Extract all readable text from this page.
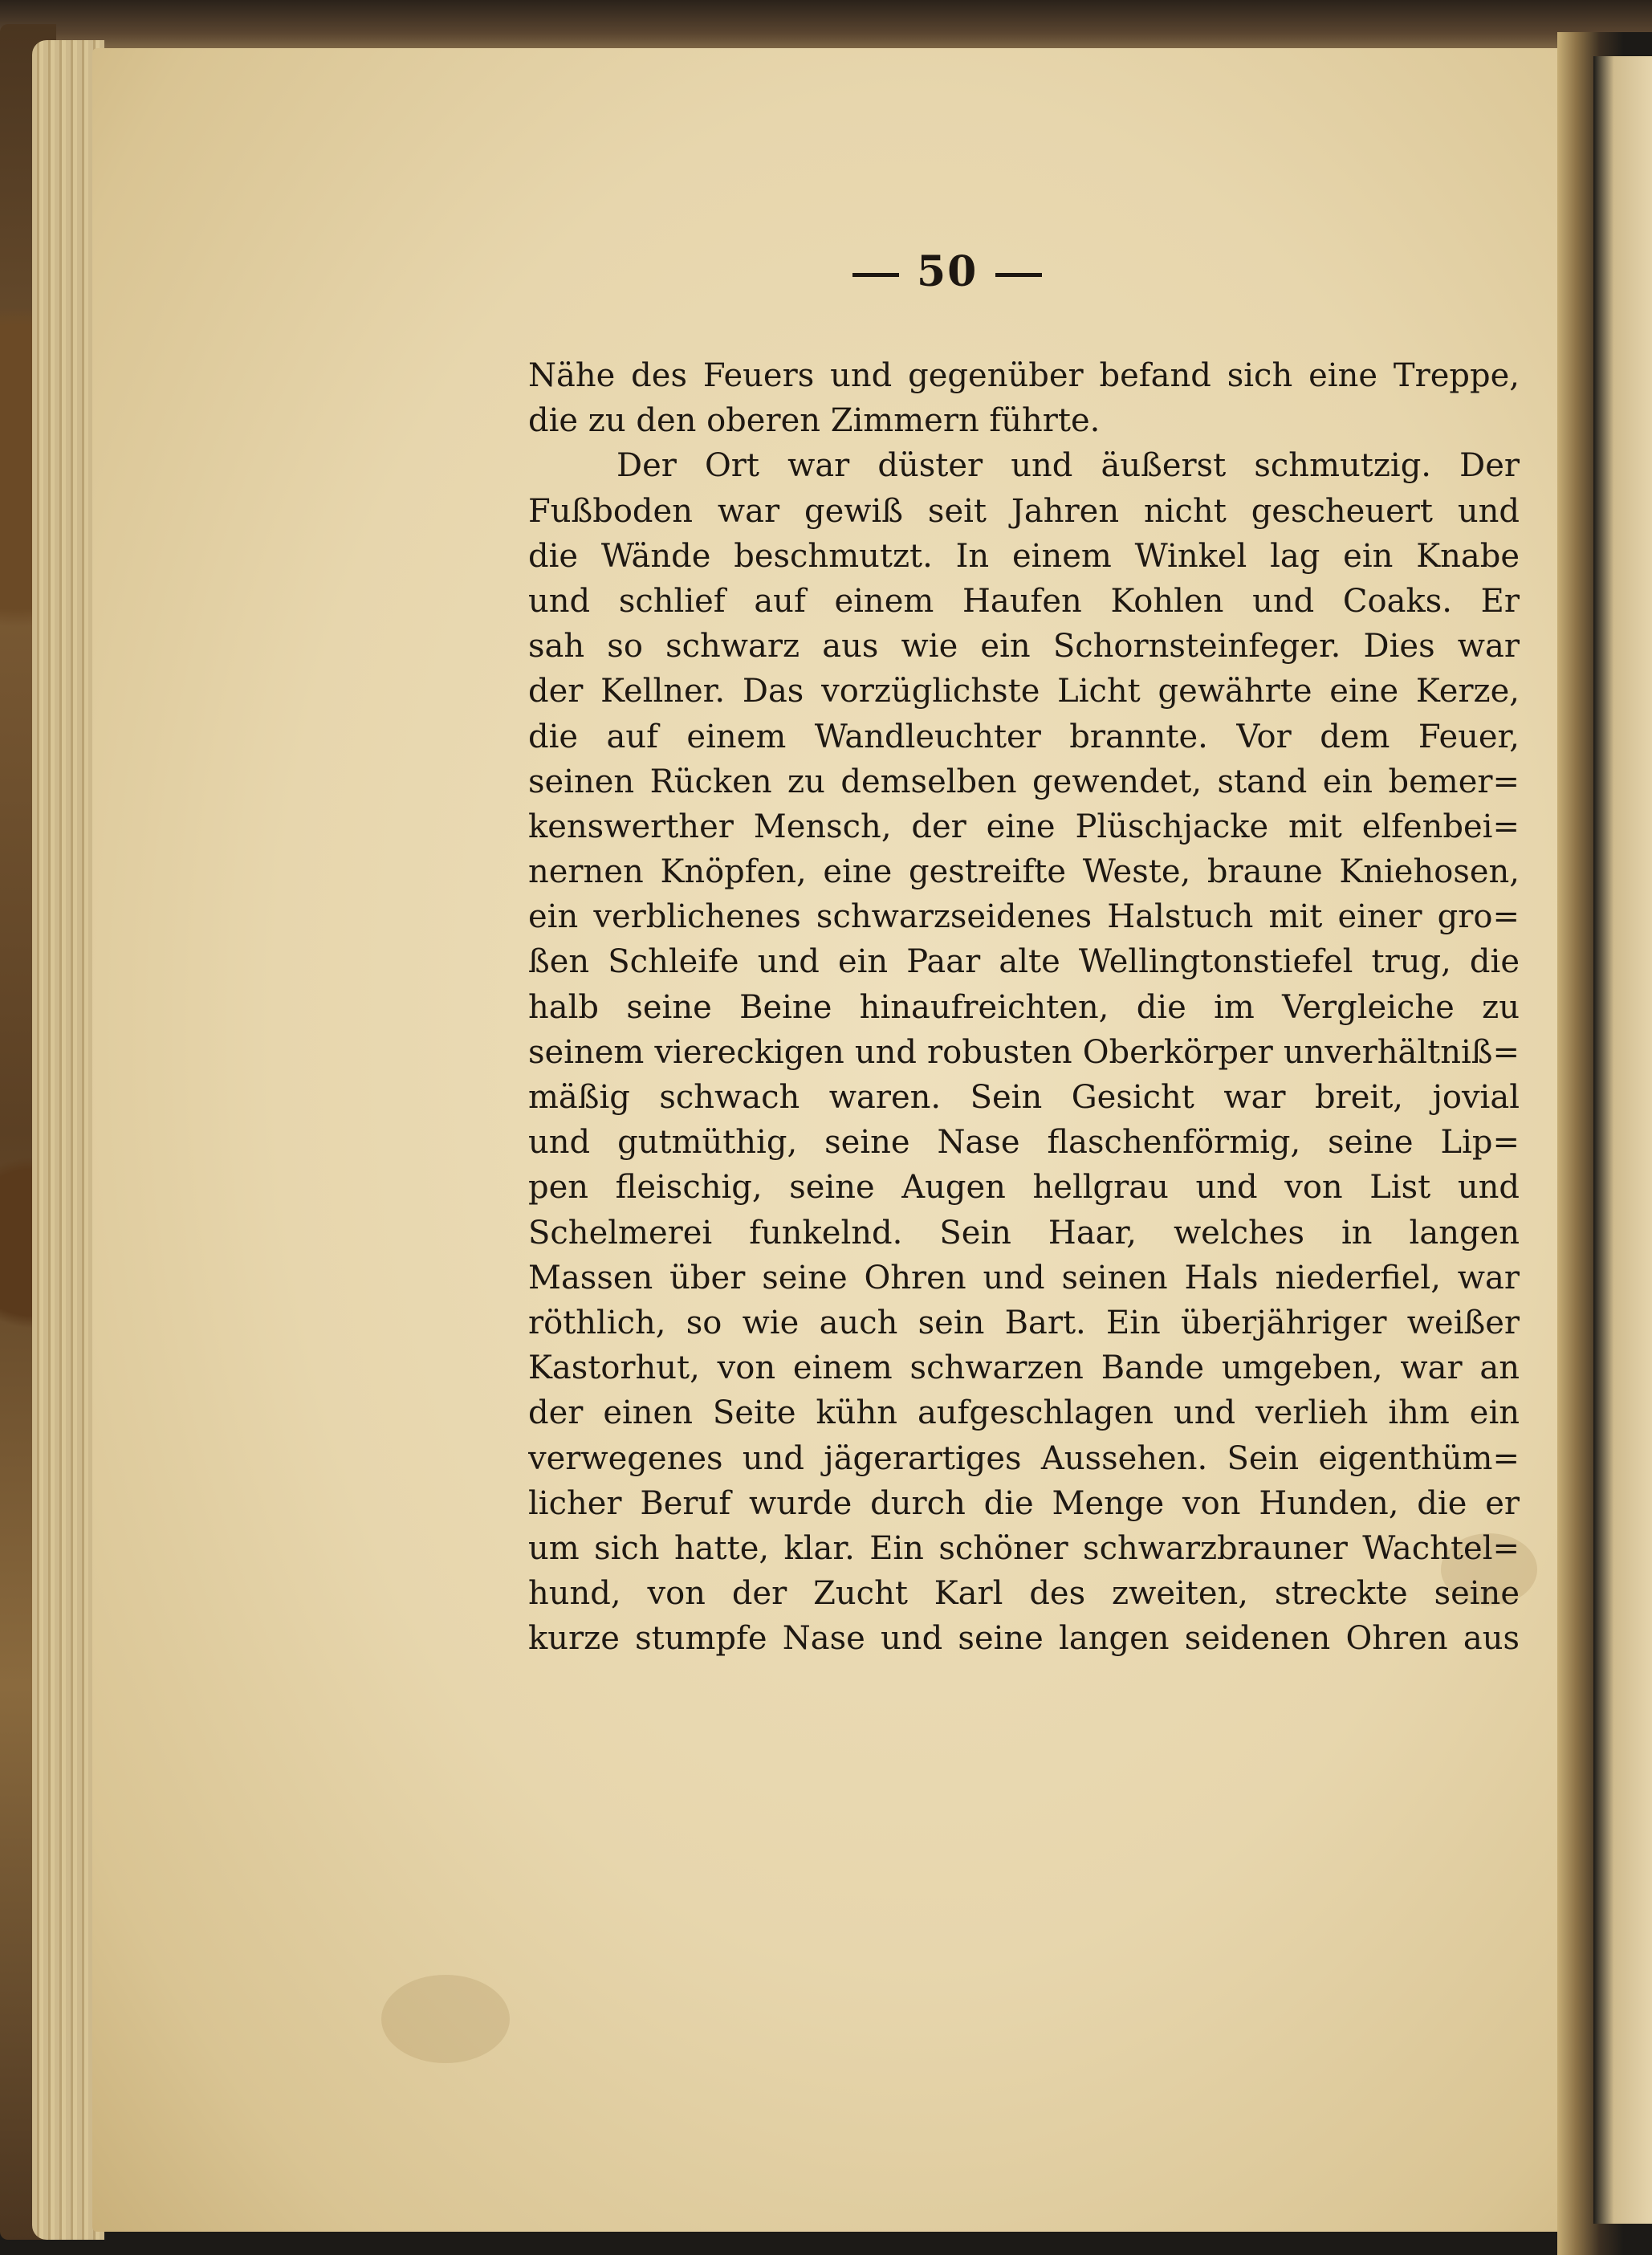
50
Nähe des Feuers und gegenüber befand sich eine Treppe,
die zu den oberen Zimmern führte.
Der Ort war düster und äußerst schmutzig. Der
Fußboden war gewiß seit Jahren nicht gescheuert und
die Wände beschmutzt. In einem Winkel lag ein Knabe
und schlief auf einem Haufen Kohlen und Coaks. Er
sah so schwarz aus wie ein Schornsteinfeger. Dies war
der Kellner. Das vorzüglichste Licht gewährte eine Kerze,
die auf einem Wandleuchter brannte. Vor dem Feuer,
seinen Rücken zu demselben gewendet, stand ein bemer=
kenswerther Mensch, der eine Plüschjacke mit elfenbei=
nernen Knöpfen, eine gestreifte Weste, braune Kniehosen,
ein verblichenes schwarzseidenes Halstuch mit einer gro=
ßen Schleife und ein Paar alte Wellingtonstiefel trug, die
halb seine Beine hinaufreichten, die im Vergleiche zu
seinem viereckigen und robusten Oberkörper unverhältniß=
mäßig schwach waren. Sein Gesicht war breit, jovial
und gutmüthig, seine Nase flaschenförmig, seine Lip=
pen fleischig, seine Augen hellgrau und von List und
Schelmerei funkelnd. Sein Haar, welches in langen
Massen über seine Ohren und seinen Hals niederfiel, war
röthlich, so wie auch sein Bart. Ein überjähriger weißer
Kastorhut, von einem schwarzen Bande umgeben, war an
der einen Seite kühn aufgeschlagen und verlieh ihm ein
verwegenes und jägerartiges Aussehen. Sein eigenthüm=
licher Beruf wurde durch die Menge von Hunden, die er
um sich hatte, klar. Ein schöner schwarzbrauner Wachtel=
hund, von der Zucht Karl des zweiten, streckte seine
kurze stumpfe Nase und seine langen seidenen Ohren aus
